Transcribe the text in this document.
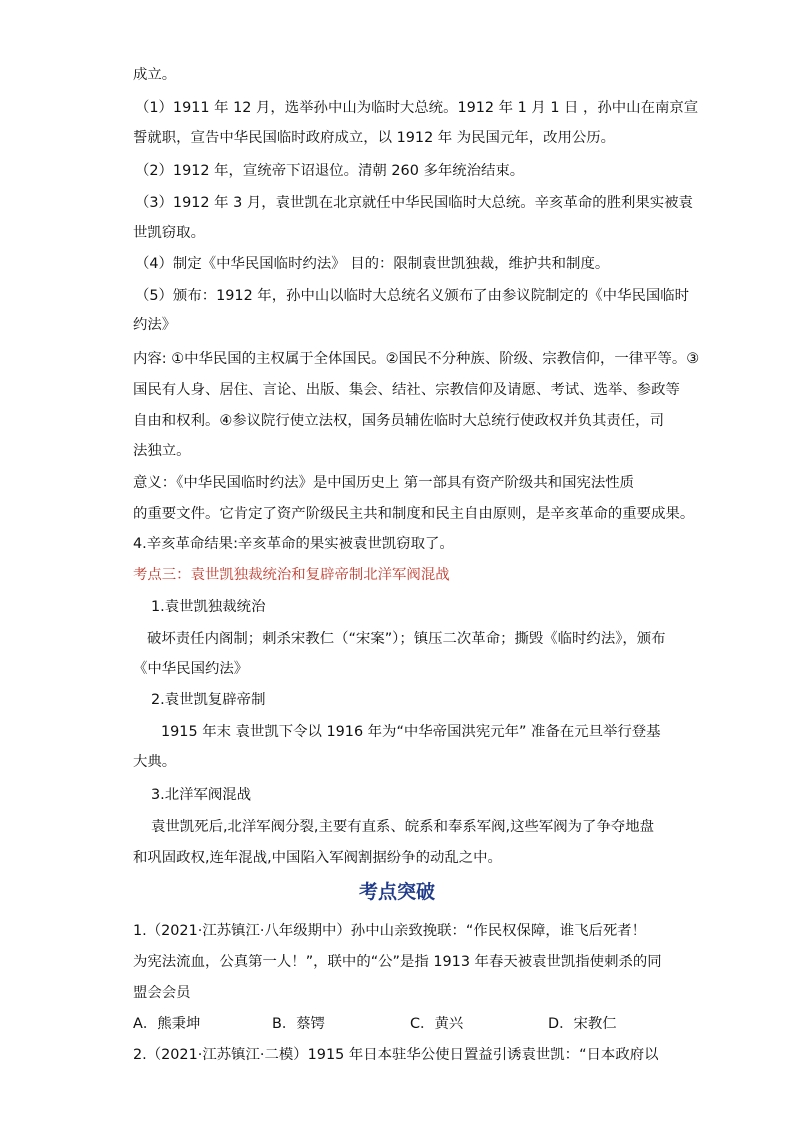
成立。
（1）1911 年 12 月，选举孙中山为临时大总统。1912 年 1 月 1 日 ，孙中山在南京宣
誓就职，宣告中华民国临时政府成立，以 1912 年 为民国元年，改用公历。
（2）1912 年，宣统帝下诏退位。清朝 260 多年统治结束。
（3）1912 年 3 月，袁世凯在北京就任中华民国临时大总统。辛亥革命的胜利果实被袁
世凯窃取。
（4）制定《中华民国临时约法》 目的：限制袁世凯独裁，维护共和制度。
（5）颁布：1912 年，孙中山以临时大总统名义颁布了由参议院制定的《中华民国临时
约法》
内容: ①中华民国的主权属于全体国民。②国民不分种族、阶级、宗教信仰，一律平等。③
国民有人身、居住、言论、出版、集会、结社、宗教信仰及请愿、考试、选举、参政等
自由和权利。④参议院行使立法权，国务员辅佐临时大总统行使政权并负其责任，司
法独立。
意义：《中华民国临时约法》是中国历史上 第一部具有资产阶级共和国宪法性质
的重要文件。它肯定了资产阶级民主共和制度和民主自由原则，是辛亥革命的重要成果。
4.辛亥革命结果:辛亥革命的果实被袁世凯窃取了。
考点三：袁世凯独裁统治和复辟帝制北洋军阀混战
1.袁世凯独裁统治
破坏责任内阁制；刺杀宋教仁（“宋案”）；镇压二次革命；撕毁《临时约法》，颁布
《中华民国约法》
2.袁世凯复辟帝制
1915 年末 袁世凯下令以 1916 年为“中华帝国洪宪元年” 准备在元旦举行登基
大典。
3.北洋军阀混战
袁世凯死后,北洋军阀分裂,主要有直系、皖系和奉系军阀,这些军阀为了争夺地盘
和巩固政权,连年混战,中国陷入军阀割据纷争的动乱之中。
考点突破
1.（2021·江苏镇江·八年级期中）孙中山亲致挽联：“作民权保障，谁飞后死者！
为宪法流血，公真第一人！”，联中的“公”是指 1913 年春天被袁世凯指使刺杀的同
盟会会员
A．熊秉坤	B．蔡锷	C．黄兴	D．宋教仁
2.（2021·江苏镇江·二模）1915 年日本驻华公使日置益引诱袁世凯：“日本政府以
